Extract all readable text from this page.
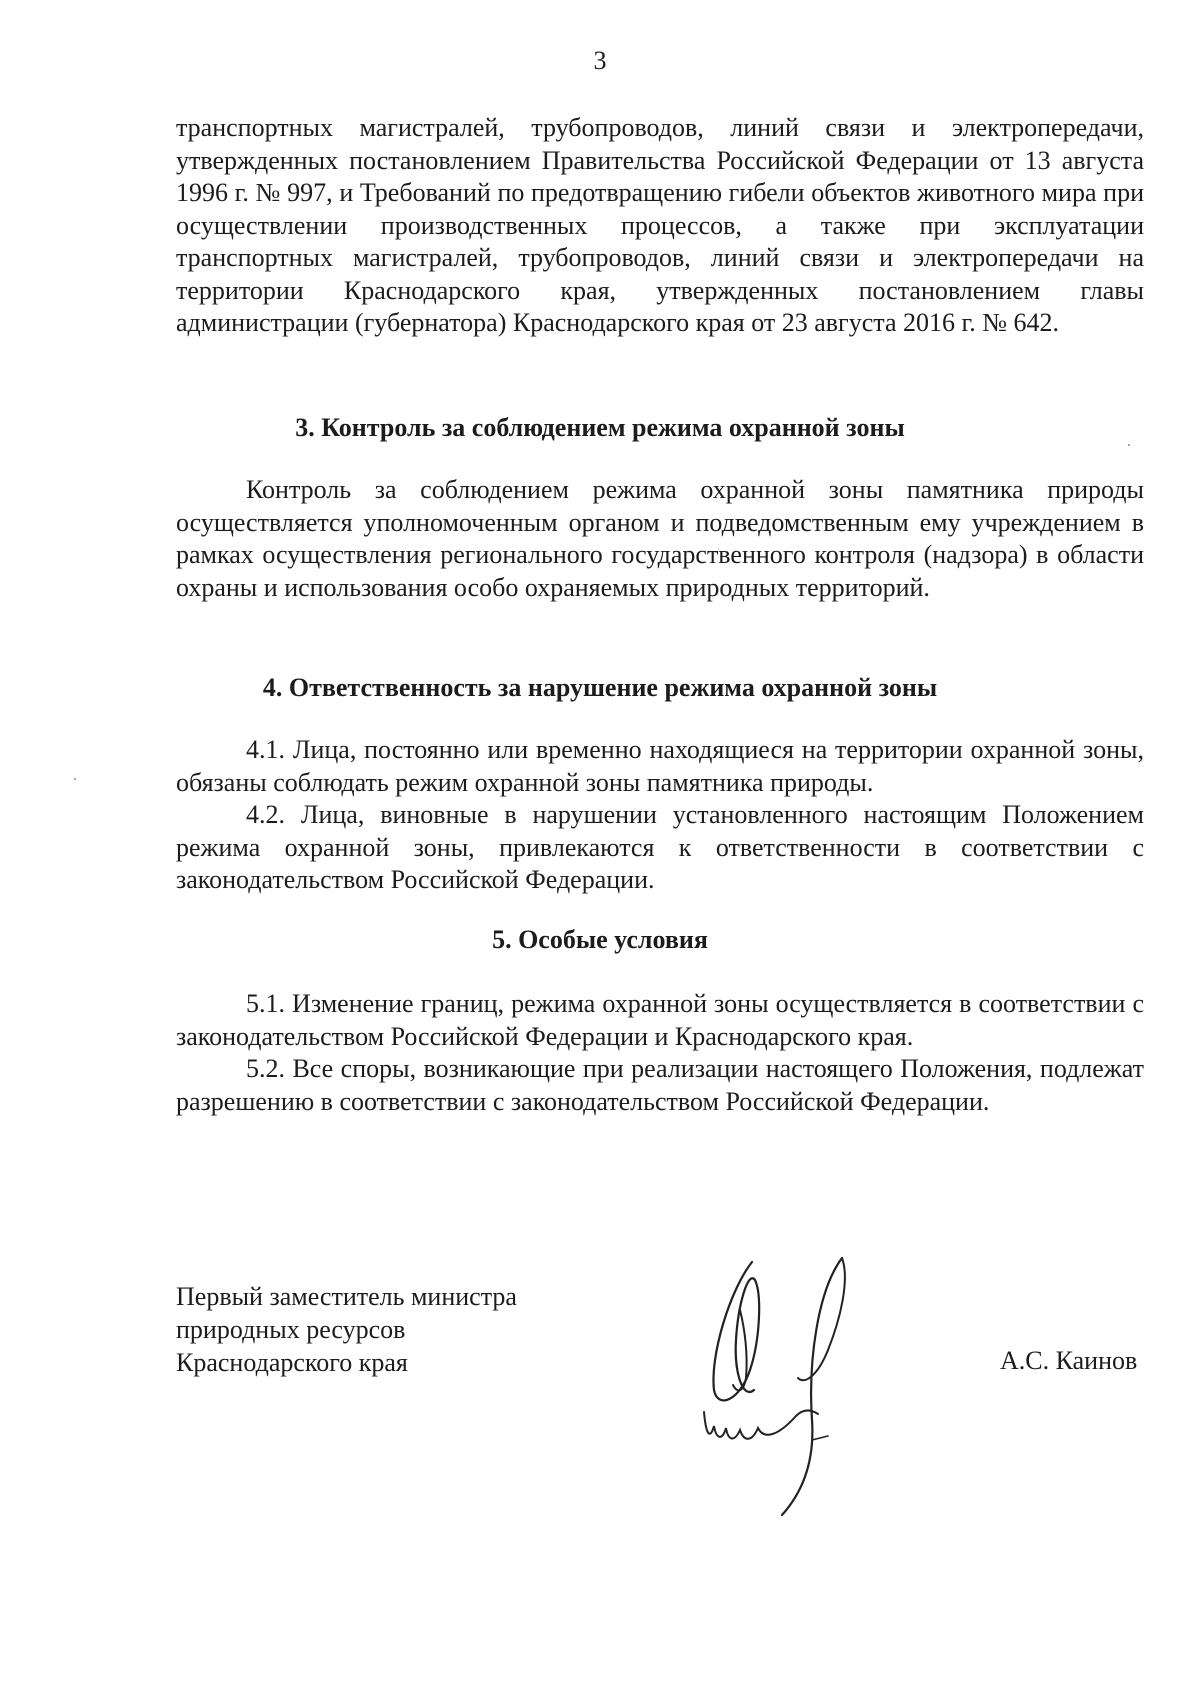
3

транспортных магистралей, трубопроводов, линий связи и электропередачи, утвержденных постановлением Правительства Российской Федерации от 13 августа 1996 г. № 997, и Требований по предотвращению гибели объектов животного мира при осуществлении производственных процессов, а также при эксплуатации транспортных магистралей, трубопроводов, линий связи и электропередачи на территории Краснодарского края, утвержденных постановлением главы администрации (губернатора) Краснодарского края от 23 августа 2016 г. № 642.

3. Контроль за соблюдением режима охранной зоны

Контроль за соблюдением режима охранной зоны памятника природы осуществляется уполномоченным органом и подведомственным ему учреждением в рамках осуществления регионального государственного контроля (надзора) в области охраны и использования особо охраняемых природных территорий.

4. Ответственность за нарушение режима охранной зоны

4.1. Лица, постоянно или временно находящиеся на территории охранной зоны, обязаны соблюдать режим охранной зоны памятника природы.

4.2. Лица, виновные в нарушении установленного настоящим Положением режима охранной зоны, привлекаются к ответственности в соответствии с законодательством Российской Федерации.

5. Особые условия

5.1. Изменение границ, режима охранной зоны осуществляется в соответствии с законодательством Российской Федерации и Краснодарского края.

5.2. Все споры, возникающие при реализации настоящего Положения, подлежат разрешению в соответствии с законодательством Российской Федерации.

Первый заместитель министра
природных ресурсов
Краснодарского края	А.С. Каинов
